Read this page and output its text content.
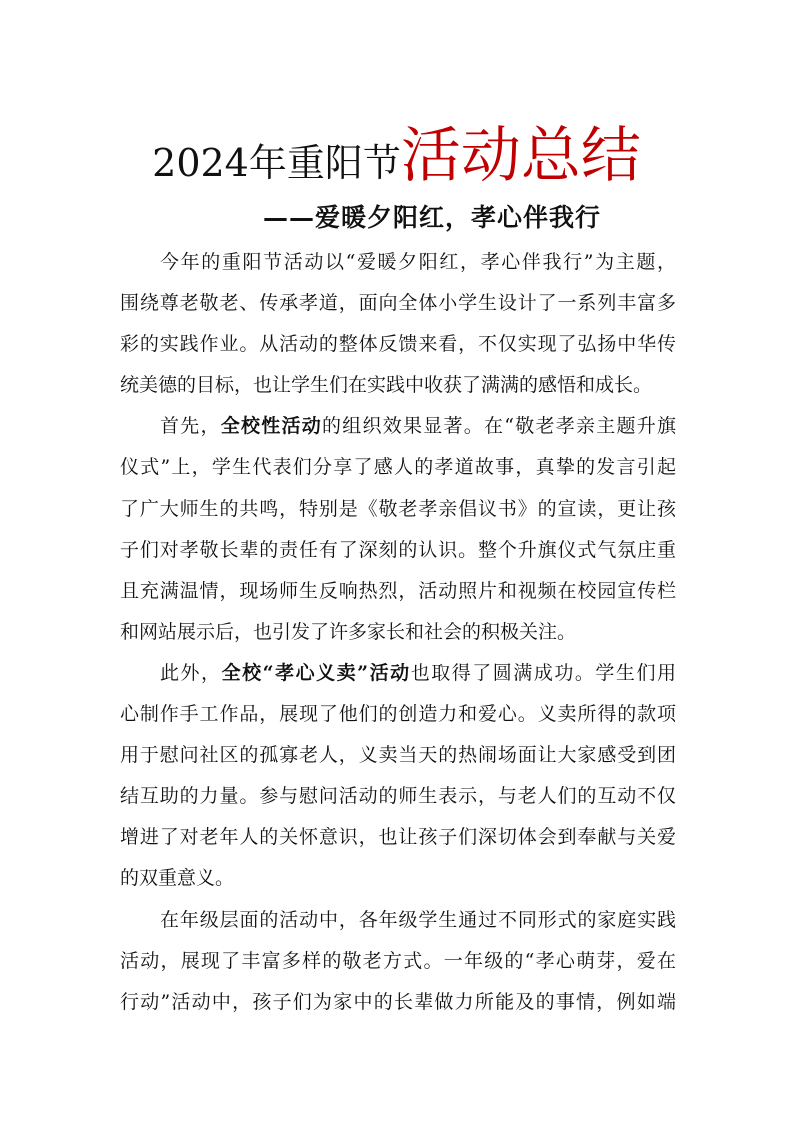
2024年重阳节活动总结
——爱暖夕阳红，孝心伴我行
今年的重阳节活动以“爱暖夕阳红，孝心伴我行”为主题，
围绕尊老敬老、传承孝道，面向全体小学生设计了一系列丰富多
彩的实践作业。从活动的整体反馈来看，不仅实现了弘扬中华传
统美德的目标，也让学生们在实践中收获了满满的感悟和成长。
首先，全校性活动的组织效果显著。在“敬老孝亲主题升旗
仪式”上，学生代表们分享了感人的孝道故事，真挚的发言引起
了广大师生的共鸣，特别是《敬老孝亲倡议书》的宣读，更让孩
子们对孝敬长辈的责任有了深刻的认识。整个升旗仪式气氛庄重
且充满温情，现场师生反响热烈，活动照片和视频在校园宣传栏
和网站展示后，也引发了许多家长和社会的积极关注。
此外，全校“孝心义卖”活动也取得了圆满成功。学生们用
心制作手工作品，展现了他们的创造力和爱心。义卖所得的款项
用于慰问社区的孤寡老人，义卖当天的热闹场面让大家感受到团
结互助的力量。参与慰问活动的师生表示，与老人们的互动不仅
增进了对老年人的关怀意识，也让孩子们深切体会到奉献与关爱
的双重意义。
在年级层面的活动中，各年级学生通过不同形式的家庭实践
活动，展现了丰富多样的敬老方式。一年级的“孝心萌芽，爱在
行动”活动中，孩子们为家中的长辈做力所能及的事情，例如端
